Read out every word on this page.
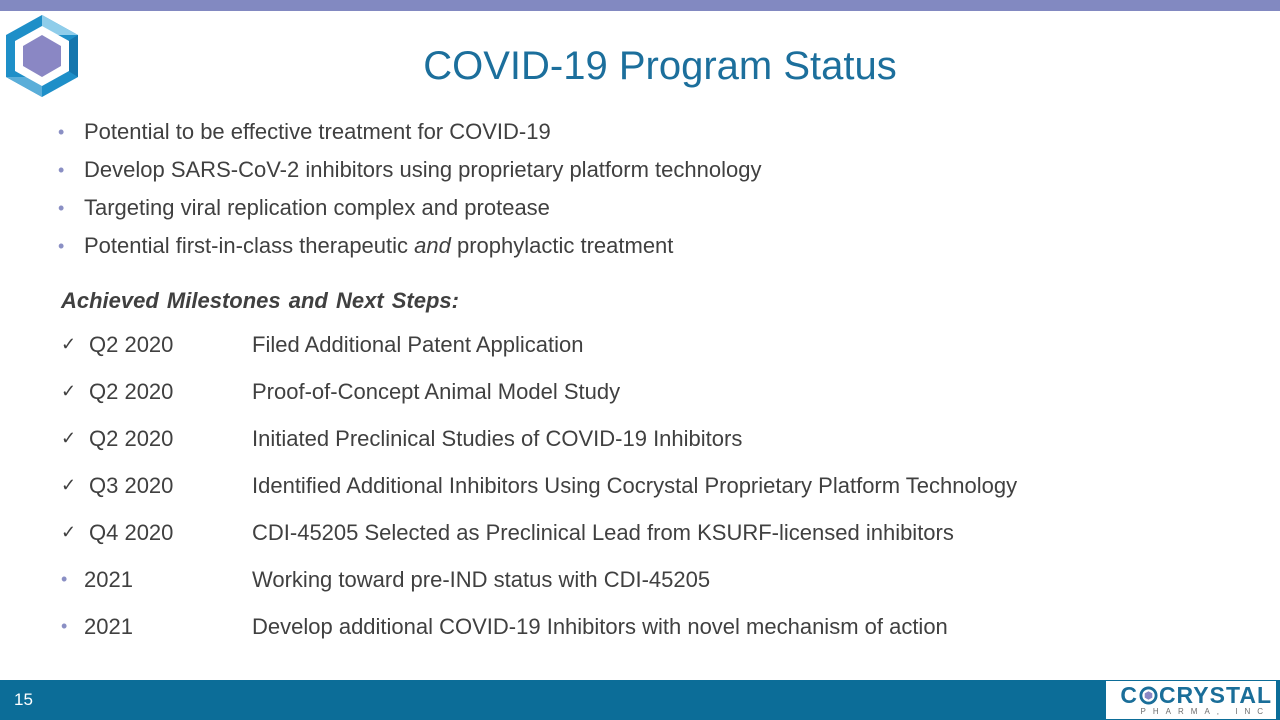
COVID-19 Program Status
• Potential to be effective treatment for COVID-19
• Develop SARS-CoV-2 inhibitors using proprietary platform technology
• Targeting viral replication complex and protease
• Potential first-in-class therapeutic and prophylactic treatment
Achieved Milestones and Next Steps:
✓ Q2 2020	Filed Additional Patent Application
✓ Q2 2020	Proof-of-Concept Animal Model Study
✓ Q2 2020	Initiated Preclinical Studies of COVID-19 Inhibitors
✓ Q3 2020	Identified Additional Inhibitors Using Cocrystal Proprietary Platform Technology
✓ Q4 2020	CDI-45205 Selected as Preclinical Lead from KSURF-licensed inhibitors
• 2021	Working toward pre-IND status with CDI-45205
• 2021	Develop additional COVID-19 Inhibitors with novel mechanism of action
15	C CRYSTAL
PHARMA, INC
